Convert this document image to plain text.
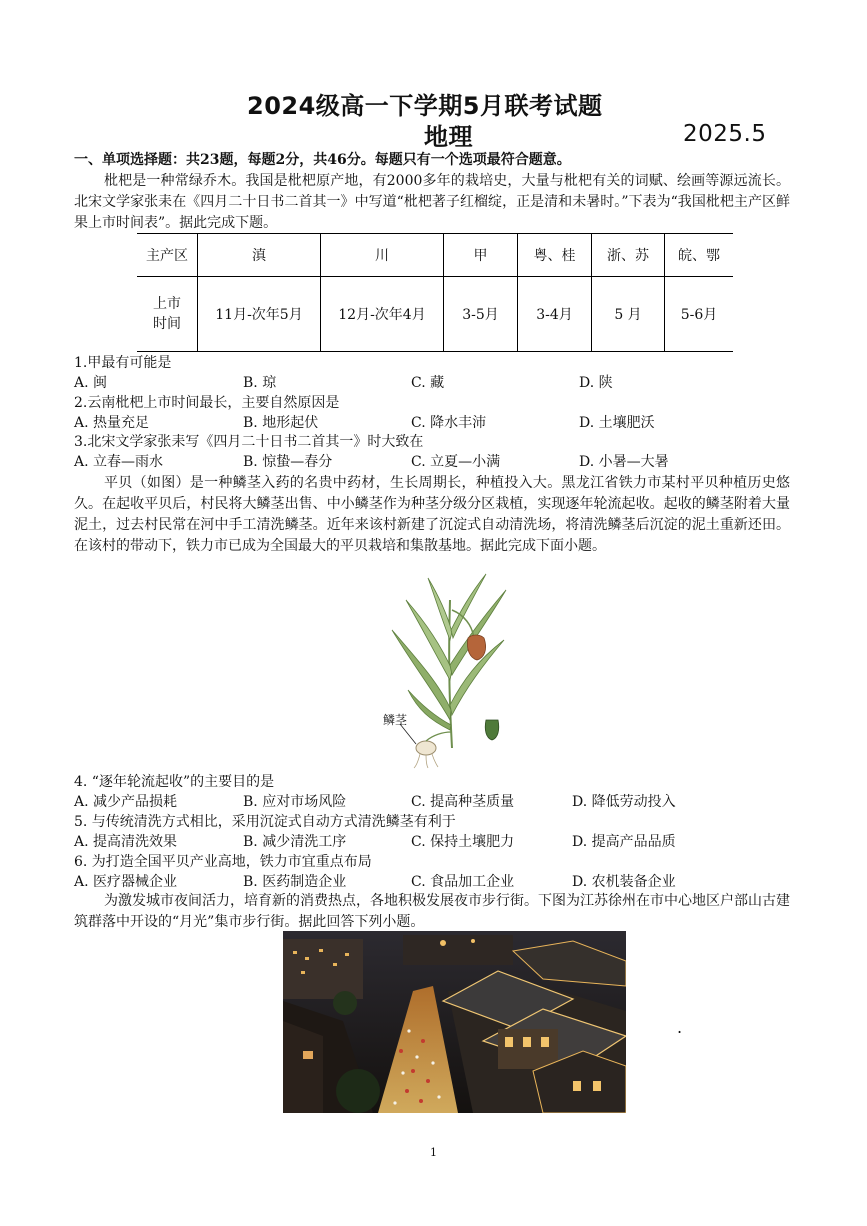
2024级高一下学期5月联考试题
地理	2025.5
一、单项选择题：共23题，每题2分，共46分。每题只有一个选项最符合题意。
枇杷是一种常绿乔木。我国是枇杷原产地，有2000多年的栽培史，大量与枇杷有关的词赋、绘画等源远流长。北宋文学家张耒在《四月二十日书二首其一》中写道“枇杷著子红榴绽，正是清和未暑时。”下表为“我国枇杷主产区鲜果上市时间表”。据此完成下题。
主产区	滇	川	甲	粤、桂	浙、苏	皖、鄂

上市时间	11月-次年5月	12月-次年4月	3-5月	3-4月	5 月	5-6月
1.甲最有可能是
A. 闽	B. 琼	C. 藏	D. 陕
2.云南枇杷上市时间最长，主要自然原因是
A. 热量充足	B. 地形起伏	C. 降水丰沛	D. 土壤肥沃
3.北宋文学家张耒写《四月二十日书二首其一》时大致在
A. 立春—雨水	B. 惊蛰—春分	C. 立夏—小满	D. 小暑—大暑
平贝（如图）是一种鳞茎入药的名贵中药材，生长周期长，种植投入大。黑龙江省铁力市某村平贝种植历史悠久。在起收平贝后，村民将大鳞茎出售、中小鳞茎作为种茎分级分区栽植，实现逐年轮流起收。起收的鳞茎附着大量泥土，过去村民常在河中手工清洗鳞茎。近年来该村新建了沉淀式自动清洗场，将清洗鳞茎后沉淀的泥土重新还田。在该村的带动下，铁力市已成为全国最大的平贝栽培和集散基地。据此完成下面小题。
鳞茎
4. “逐年轮流起收”的主要目的是
A. 减少产品损耗	B. 应对市场风险	C. 提高种茎质量	D. 降低劳动投入
5. 与传统清洗方式相比，采用沉淀式自动方式清洗鳞茎有利于
A. 提高清洗效果	B. 减少清洗工序	C. 保持土壤肥力	D. 提高产品品质
6. 为打造全国平贝产业高地，铁力市宜重点布局
A. 医疗器械企业	B. 医药制造企业	C. 食品加工企业	D. 农机装备企业
为激发城市夜间活力，培育新的消费热点，各地积极发展夜市步行街。下图为江苏徐州在市中心地区户部山古建筑群落中开设的“月光”集市步行街。据此回答下列小题。
.
1
